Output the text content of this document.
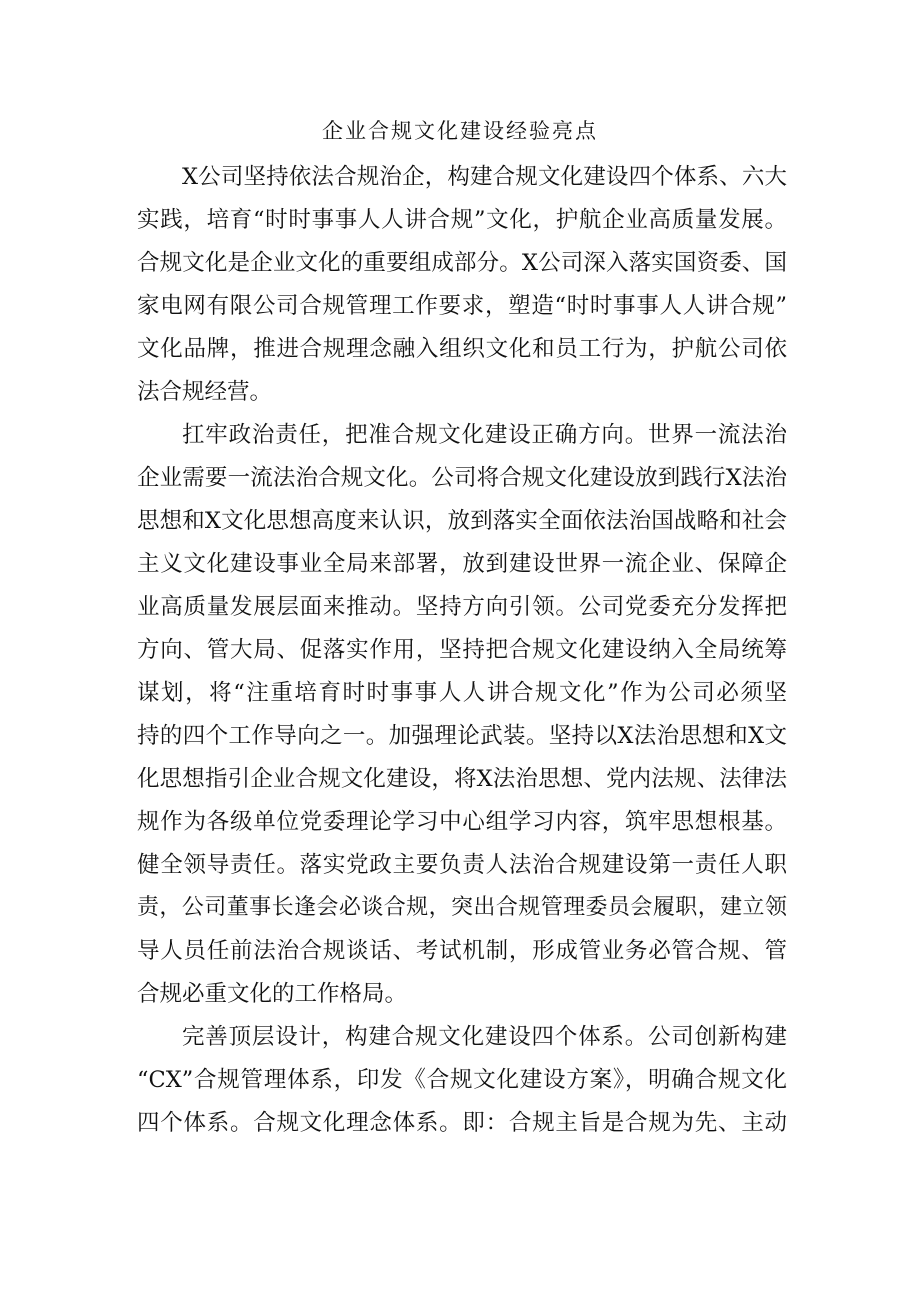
企业合规文化建设经验亮点
X公司坚持依法合规治企，构建合规文化建设四个体系、六大
实践，培育“时时事事人人讲合规”文化，护航企业高质量发展。
合规文化是企业文化的重要组成部分。X公司深入落实国资委、国
家电网有限公司合规管理工作要求，塑造“时时事事人人讲合规”
文化品牌，推进合规理念融入组织文化和员工行为，护航公司依
法合规经营。
扛牢政治责任，把准合规文化建设正确方向。世界一流法治
企业需要一流法治合规文化。公司将合规文化建设放到践行X法治
思想和X文化思想高度来认识，放到落实全面依法治国战略和社会
主义文化建设事业全局来部署，放到建设世界一流企业、保障企
业高质量发展层面来推动。坚持方向引领。公司党委充分发挥把
方向、管大局、促落实作用，坚持把合规文化建设纳入全局统筹
谋划，将“注重培育时时事事人人讲合规文化”作为公司必须坚
持的四个工作导向之一。加强理论武装。坚持以X法治思想和X文
化思想指引企业合规文化建设，将X法治思想、党内法规、法律法
规作为各级单位党委理论学习中心组学习内容，筑牢思想根基。
健全领导责任。落实党政主要负责人法治合规建设第一责任人职
责，公司董事长逢会必谈合规，突出合规管理委员会履职，建立领
导人员任前法治合规谈话、考试机制，形成管业务必管合规、管
合规必重文化的工作格局。
完善顶层设计，构建合规文化建设四个体系。公司创新构建
“CX”合规管理体系，印发《合规文化建设方案》，明确合规文化
四个体系。合规文化理念体系。即：合规主旨是合规为先、主动
